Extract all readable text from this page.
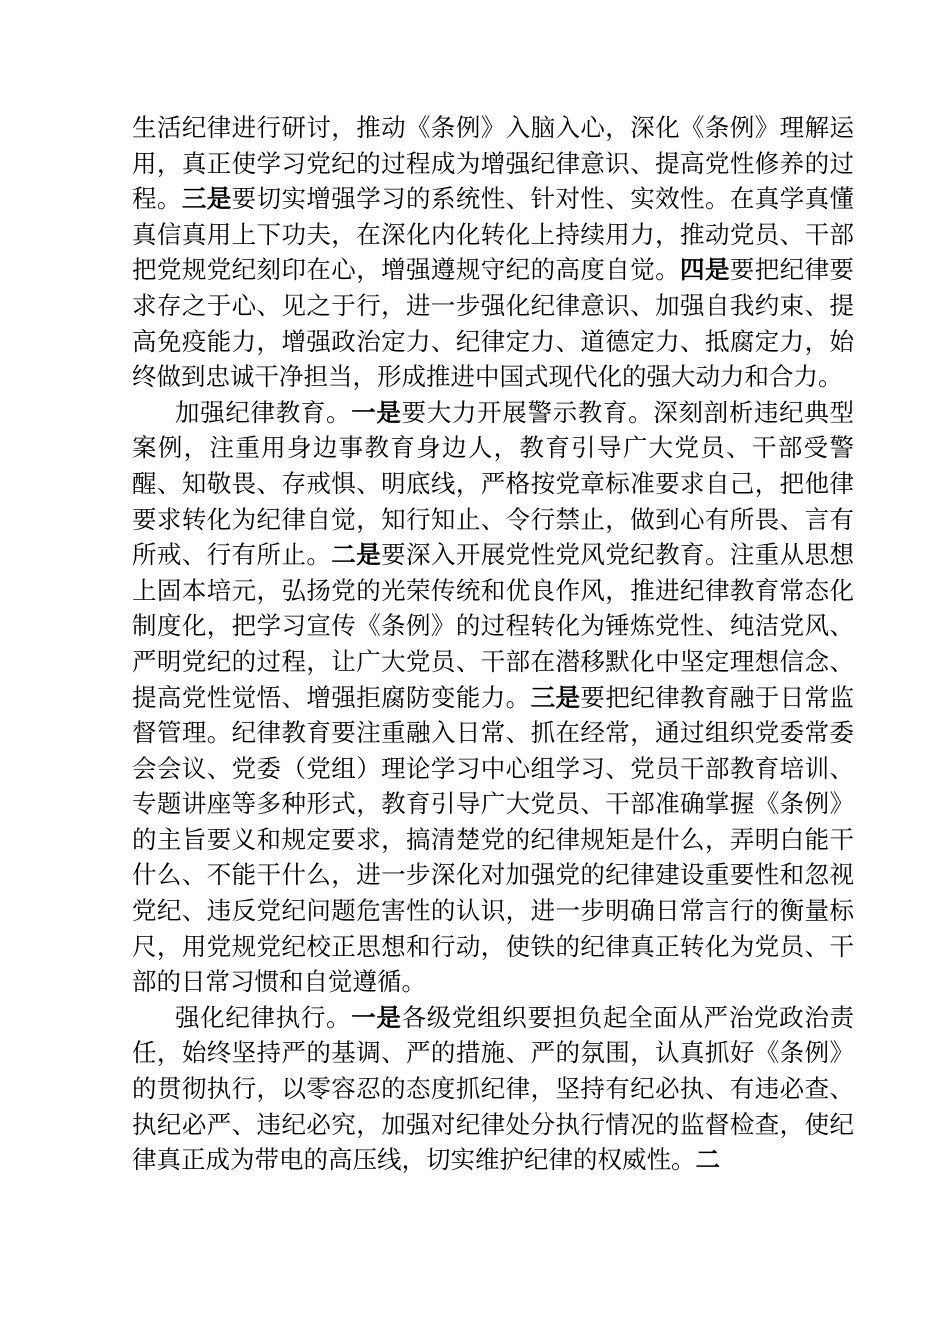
生活纪律进行研讨，推动《条例》入脑入心，深化《条例》理解运用，真正使学习党纪的过程成为增强纪律意识、提高党性修养的过程。三是要切实增强学习的系统性、针对性、实效性。在真学真懂真信真用上下功夫，在深化内化转化上持续用力，推动党员、干部把党规党纪刻印在心，增强遵规守纪的高度自觉。四是要把纪律要求存之于心、见之于行，进一步强化纪律意识、加强自我约束、提高免疫能力，增强政治定力、纪律定力、道德定力、抵腐定力，始终做到忠诚干净担当，形成推进中国式现代化的强大动力和合力。

加强纪律教育。一是要大力开展警示教育。深刻剖析违纪典型案例，注重用身边事教育身边人，教育引导广大党员、干部受警醒、知敬畏、存戒惧、明底线，严格按党章标准要求自己，把他律要求转化为纪律自觉，知行知止、令行禁止，做到心有所畏、言有所戒、行有所止。二是要深入开展党性党风党纪教育。注重从思想上固本培元，弘扬党的光荣传统和优良作风，推进纪律教育常态化制度化，把学习宣传《条例》的过程转化为锤炼党性、纯洁党风、严明党纪的过程，让广大党员、干部在潜移默化中坚定理想信念、提高党性觉悟、增强拒腐防变能力。三是要把纪律教育融于日常监督管理。纪律教育要注重融入日常、抓在经常，通过组织党委常委会会议、党委（党组）理论学习中心组学习、党员干部教育培训、专题讲座等多种形式，教育引导广大党员、干部准确掌握《条例》的主旨要义和规定要求，搞清楚党的纪律规矩是什么，弄明白能干什么、不能干什么，进一步深化对加强党的纪律建设重要性和忽视党纪、违反党纪问题危害性的认识，进一步明确日常言行的衡量标尺，用党规党纪校正思想和行动，使铁的纪律真正转化为党员、干部的日常习惯和自觉遵循。

强化纪律执行。一是各级党组织要担负起全面从严治党政治责任，始终坚持严的基调、严的措施、严的氛围，认真抓好《条例》的贯彻执行，以零容忍的态度抓纪律，坚持有纪必执、有违必查、执纪必严、违纪必究，加强对纪律处分执行情况的监督检查，使纪律真正成为带电的高压线，切实维护纪律的权威性。二
